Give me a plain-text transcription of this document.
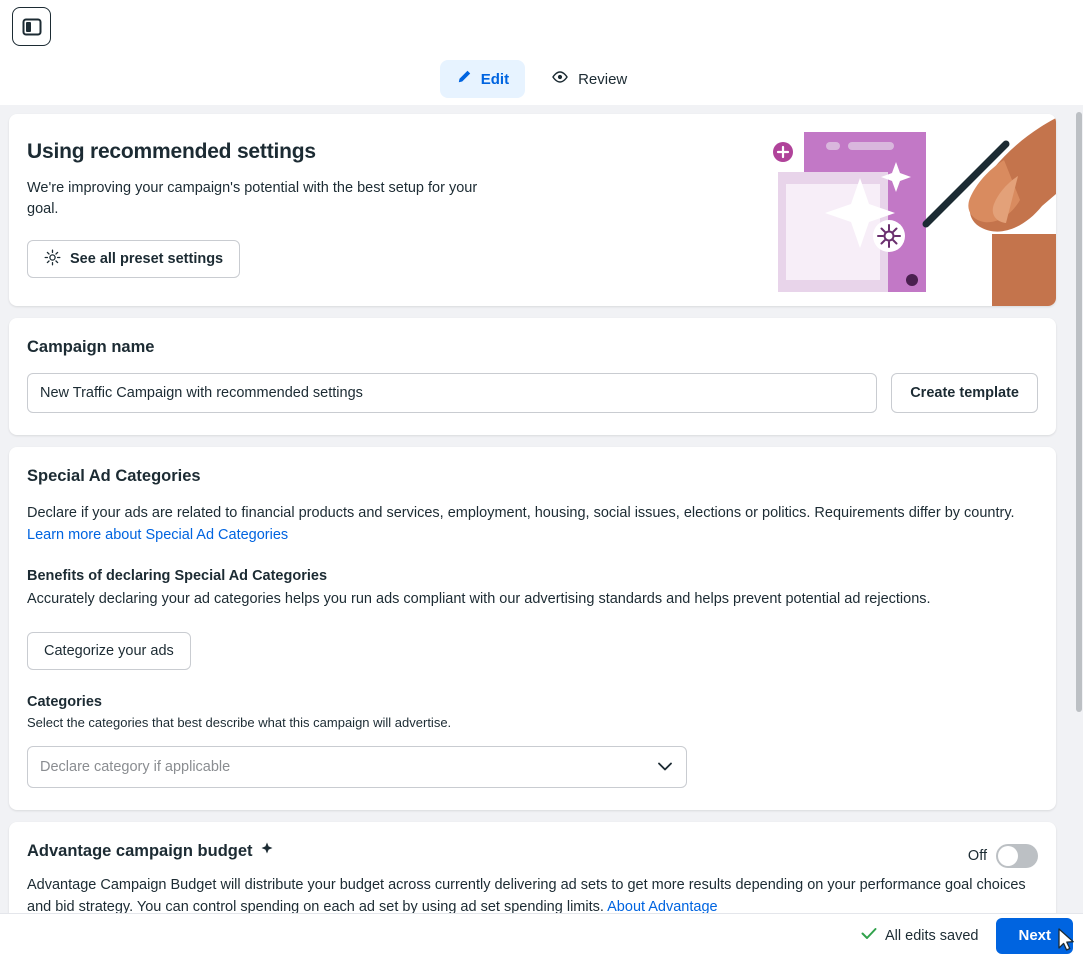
Edit	Review
Using recommended settings

We're improving your campaign's potential with the best setup for your goal.

See all preset settings
Campaign name
New Traffic Campaign with recommended settings
Create template
Special Ad Categories

Declare if your ads are related to financial products and services, employment, housing, social issues, elections or politics. Requirements differ by country. Learn more about Special Ad Categories

Benefits of declaring Special Ad Categories

Accurately declaring your ad categories helps you run ads compliant with our advertising standards and helps prevent potential ad rejections.

Categorize your ads
Categories

Select the categories that best describe what this campaign will advertise.

Declare category if applicable
Advantage campaign budget	Off

Advantage Campaign Budget will distribute your budget across currently delivering ad sets to get more results depending on your performance goal choices and bid strategy. You can control spending on each ad set by using ad set spending limits. About Advantage

All edits saved	Next
